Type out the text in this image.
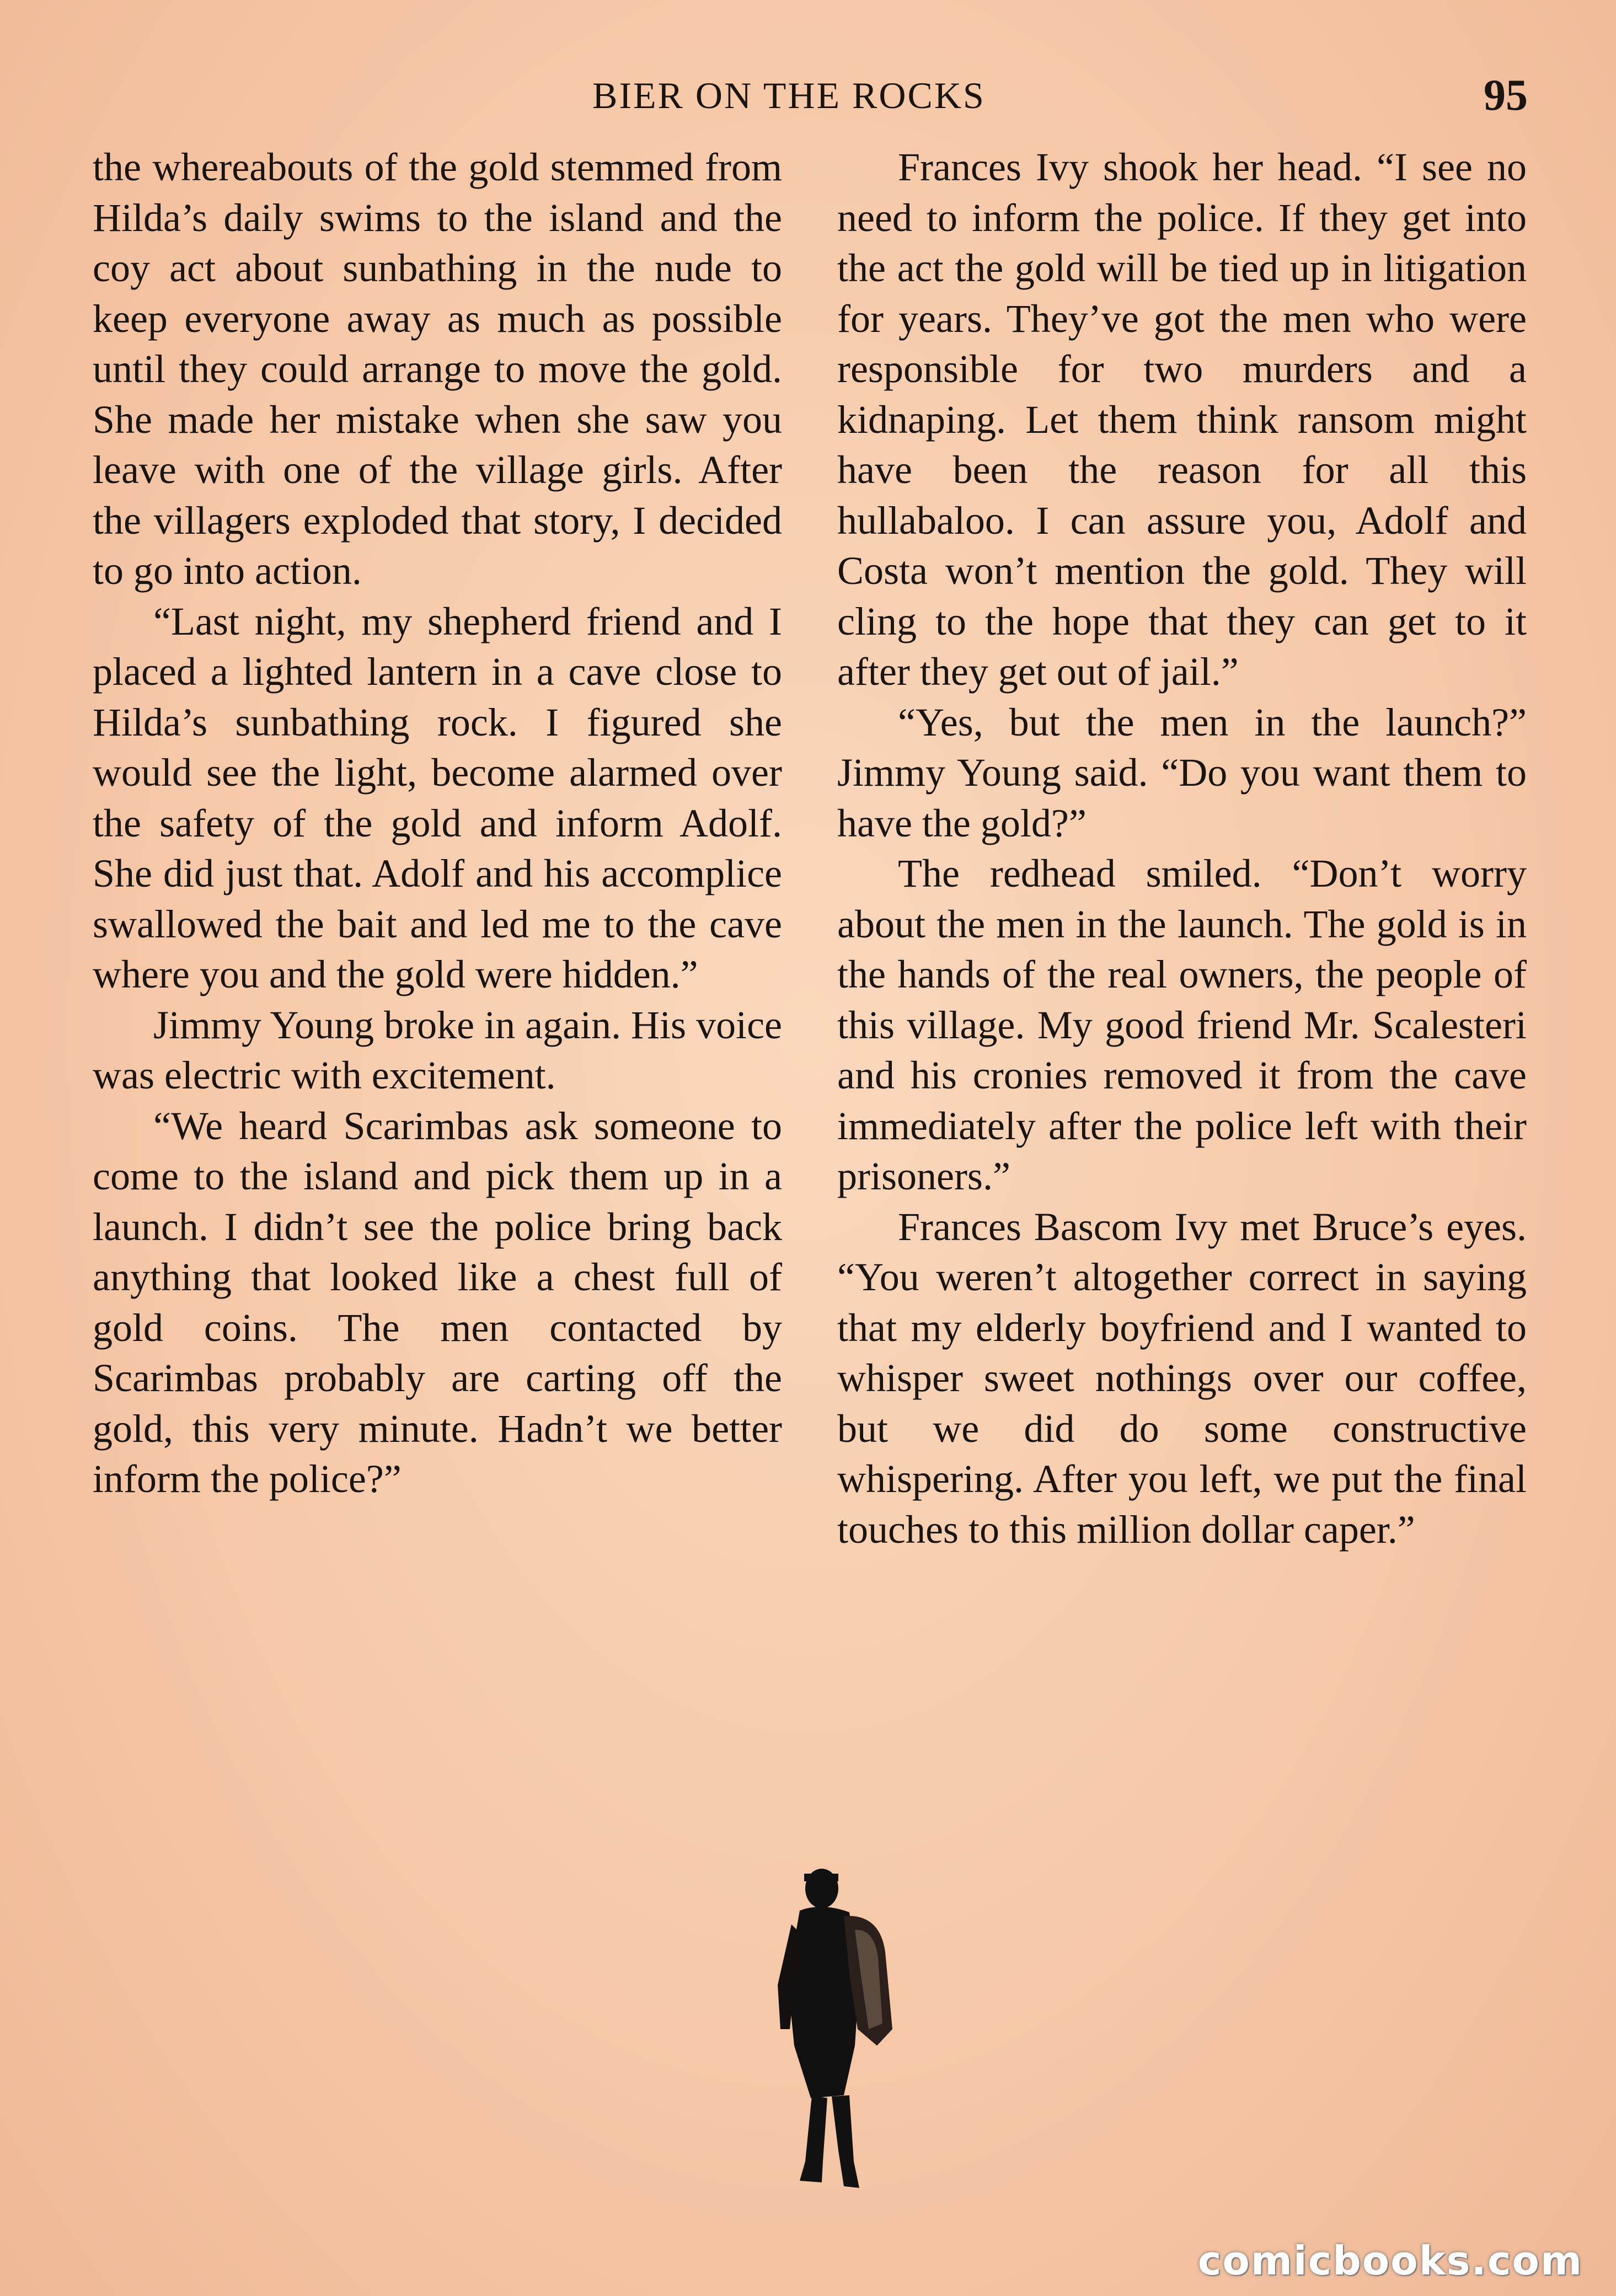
BIER ON THE ROCKS	95

the whereabouts of the gold stemmed from Hilda’s daily swims to the island and the coy act about sunbathing in the nude to keep everyone away as much as possible until they could arrange to move the gold. She made her mistake when she saw you leave with one of the village girls. After the villagers exploded that story, I decided to go into action.

“Last night, my shepherd friend and I placed a lighted lantern in a cave close to Hilda’s sunbathing rock. I figured she would see the light, become alarmed over the safety of the gold and inform Adolf. She did just that. Adolf and his accomplice swallowed the bait and led me to the cave where you and the gold were hidden.”

Jimmy Young broke in again. His voice was electric with excitement.

“We heard Scarimbas ask someone to come to the island and pick them up in a launch. I didn’t see the police bring back anything that looked like a chest full of gold coins. The men contacted by Scarimbas probably are carting off the gold, this very minute. Hadn’t we better inform the police?”

Frances Ivy shook her head. “I see no need to inform the police. If they get into the act the gold will be tied up in litigation for years. They’ve got the men who were responsible for two murders and a kidnaping. Let them think ransom might have been the reason for all this hullabaloo. I can assure you, Adolf and Costa won’t mention the gold. They will cling to the hope that they can get to it after they get out of jail.”

“Yes, but the men in the launch?” Jimmy Young said. “Do you want them to have the gold?”

The redhead smiled. “Don’t worry about the men in the launch. The gold is in the hands of the real owners, the people of this village. My good friend Mr. Scalesteri and his cronies removed it from the cave immediately after the police left with their prisoners.”

Frances Bascom Ivy met Bruce’s eyes. “You weren’t altogether correct in saying that my elderly boyfriend and I wanted to whisper sweet nothings over our coffee, but we did do some constructive whispering. After you left, we put the final touches to this million dollar caper.”

comicbooks.com
